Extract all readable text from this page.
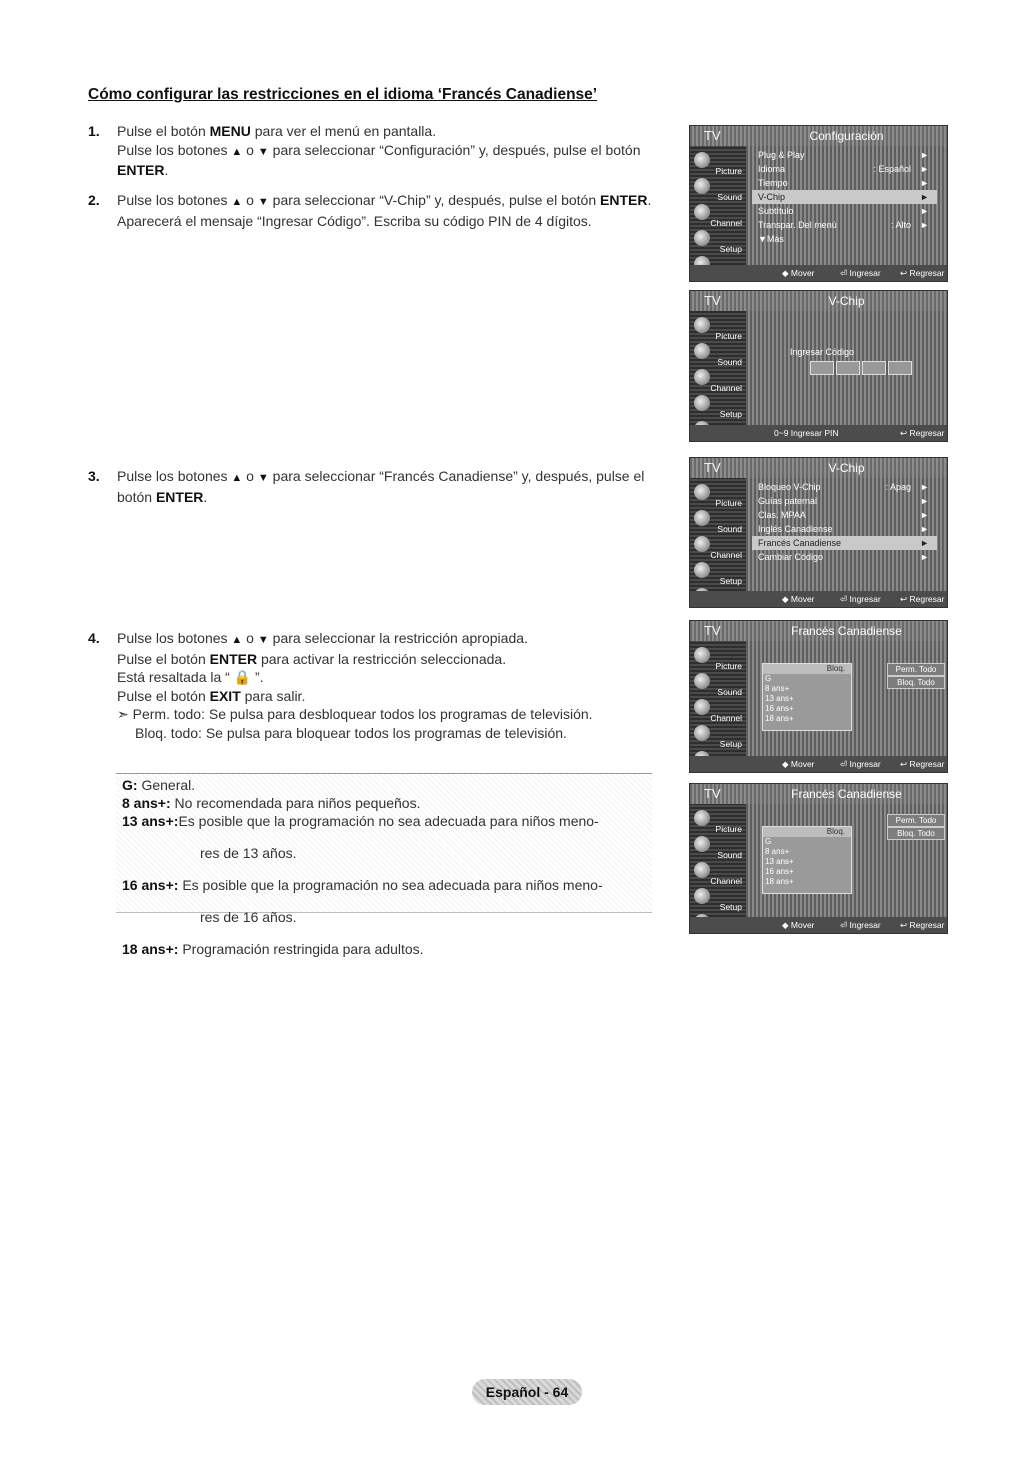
Cómo configurar las restricciones en el idioma ‘Francés Canadiense’
1. Pulse el botón MENU para ver el menú en pantalla.

Pulse los botones ▲ o ▼ para seleccionar “Configuración” y, después, pulse el botón ENTER.

2. Pulse los botones ▲ o ▼ para seleccionar “V-Chip” y, después, pulse el botón ENTER.

Aparecerá el mensaje “Ingresar Código”. Escriba su código PIN de 4 dígitos.

3. Pulse los botones ▲ o ▼ para seleccionar “Francés Canadiense” y, después, pulse el botón ENTER.

4. Pulse los botones ▲ o ▼ para seleccionar la restricción apropiada.

Pulse el botón ENTER para activar la restricción seleccionada.

Está resaltada la “ 🔒 ”.

Pulse el botón EXIT para salir.

➣ Perm. todo: Se pulsa para desbloquear todos los programas de televisión.

Bloq. todo: Se pulsa para bloquear todos los programas de televisión.

G: General.

8 ans+: No recomendada para niños pequeños.

13 ans+:Es posible que la programación no sea adecuada para niños meno-

res de 13 años.

16 ans+: Es posible que la programación no sea adecuada para niños meno-

res de 16 años.

18 ans+: Programación restringida para adultos.

TV	Configuración
Picture
Sound
Channel
Setup
Plug & Play	►
Idioma	: Español ►
Tiempo	►
V-Chip	►
Subtítulo	►
Transpar. Del menú	: Alto ►
▼Más
◆ Mover	⏎ Ingresar ↩ Regresar
TV	V-Chip
Picture
Sound
Channel
Setup
Ingresar Código
0~9 Ingresar PIN	↩ Regresar
TV	V-Chip
Picture
Sound
Channel
Setup
Bloqueo V-Chip	: Apag ►
Guías paternal	►
Clas. MPAA	►
Inglés Canadiense	►
Francés Canadiense	►
Cambiar Código	►
◆ Mover	⏎ Ingresar ↩ Regresar
TV	Francés Canadiense
Picture
Sound
Channel
Setup
Bloq.
G
8 ans+
13 ans+
16 ans+
18 ans+
Perm. Todo
Bloq. Todo
◆ Mover	⏎ Ingresar ↩ Regresar
TV	Francés Canadiense
Picture
Sound
Channel
Setup
Bloq.
G
8 ans+
13 ans+
16 ans+
18 ans+
Perm. Todo
Bloq. Todo
◆ Mover	⏎ Ingresar ↩ Regresar
Español - 64
